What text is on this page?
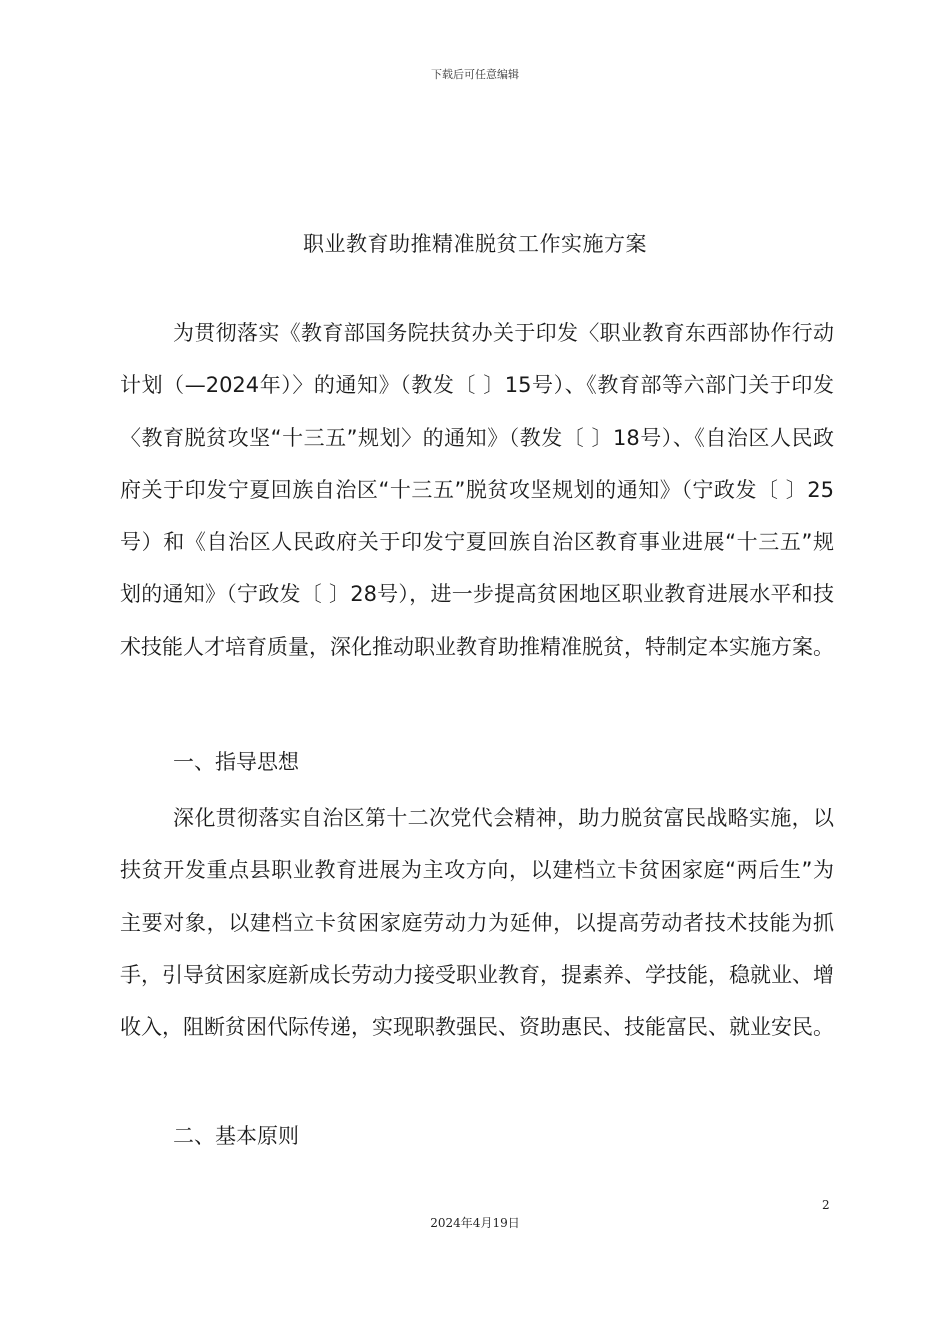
下载后可任意编辑
职业教育助推精准脱贫工作实施方案

为贯彻落实《教育部国务院扶贫办关于印发〈职业教育东西部协作行动计划（—2024年）〉的通知》（教发〔 〕15号）、《教育部等六部门关于印发〈教育脱贫攻坚“十三五”规划〉的通知》（教发〔 〕18号）、《自治区人民政府关于印发宁夏回族自治区“十三五”脱贫攻坚规划的通知》（宁政发〔 〕25号）和《自治区人民政府关于印发宁夏回族自治区教育事业进展“十三五”规划的通知》（宁政发〔 〕28号），进一步提高贫困地区职业教育进展水平和技术技能人才培育质量，深化推动职业教育助推精准脱贫，特制定本实施方案。

一、指导思想

深化贯彻落实自治区第十二次党代会精神，助力脱贫富民战略实施，以扶贫开发重点县职业教育进展为主攻方向，以建档立卡贫困家庭“两后生”为主要对象，以建档立卡贫困家庭劳动力为延伸，以提高劳动者技术技能为抓手，引导贫困家庭新成长劳动力接受职业教育，提素养、学技能，稳就业、增收入，阻断贫困代际传递，实现职教强民、资助惠民、技能富民、就业安民。

二、基本原则
2
2024年4月19日
